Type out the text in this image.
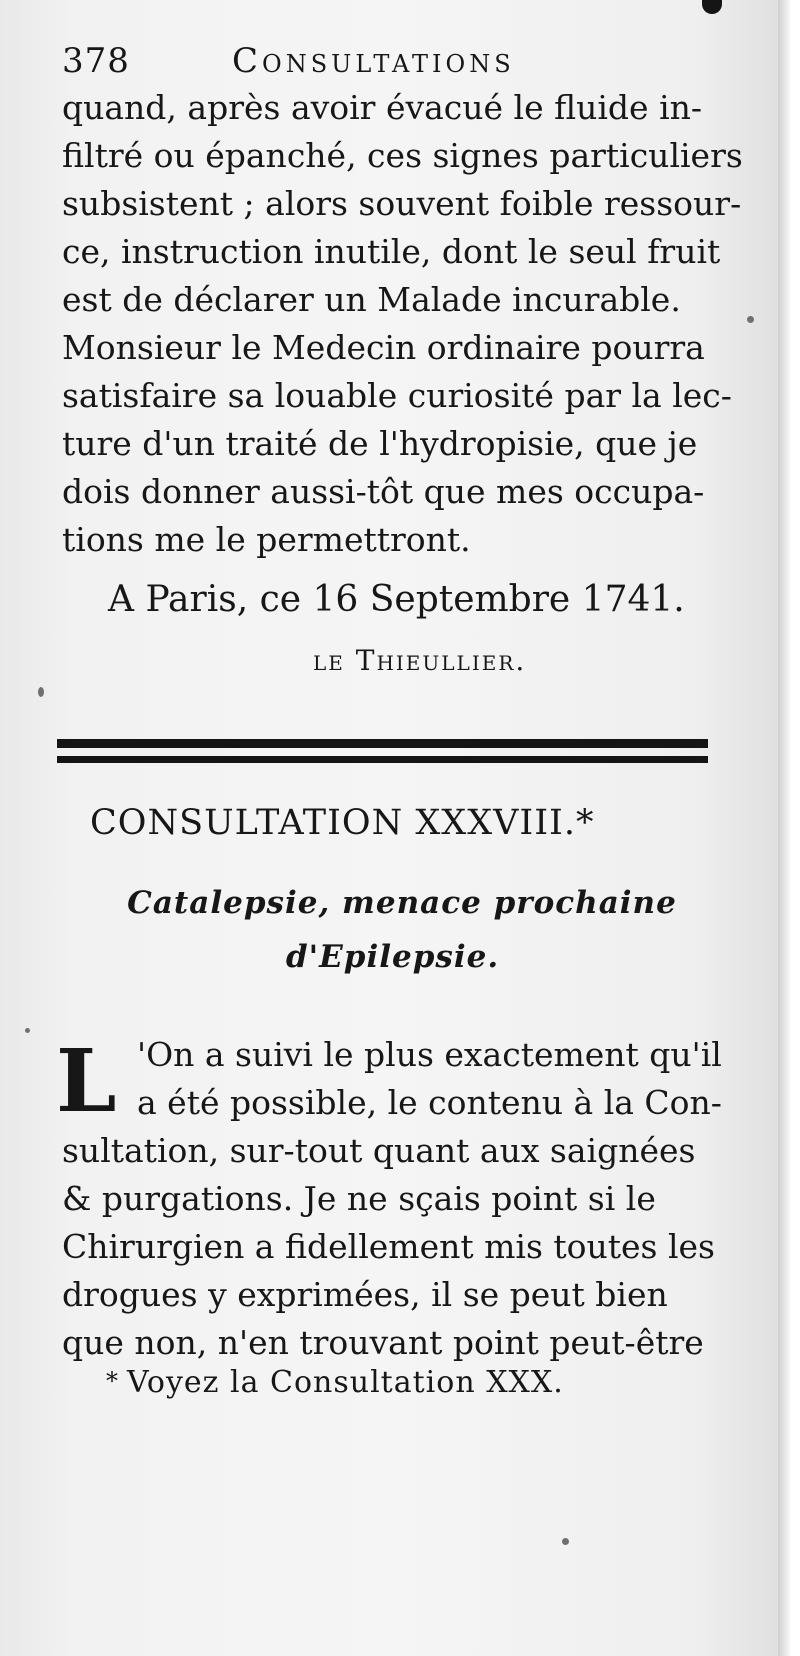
378	Consultations
quand, après avoir évacué le fluide in-
filtré ou épanché, ces signes particuliers
subsistent ; alors souvent foible ressour-
ce, instruction inutile, dont le seul fruit
est de déclarer un Malade incurable.
Monsieur le Medecin ordinaire pourra
satisfaire sa louable curiosité par la lec-
ture d'un traité de l'hydropisie, que je
dois donner aussi-tôt que mes occupa-
tions me le permettront.
A Paris, ce 16 Septembre 1741.
le Thieullier.
CONSULTATION XXXVIII.*
Catalepsie, menace prochaine
d'Epilepsie.
L 'On a suivi le plus exactement qu'il
a été possible, le contenu à la Con-
sultation, sur-tout quant aux saignées
& purgations. Je ne sçais point si le
Chirurgien a fidellement mis toutes les
drogues y exprimées, il se peut bien
que non, n'en trouvant point peut-être
* Voyez la Consultation XXX.
